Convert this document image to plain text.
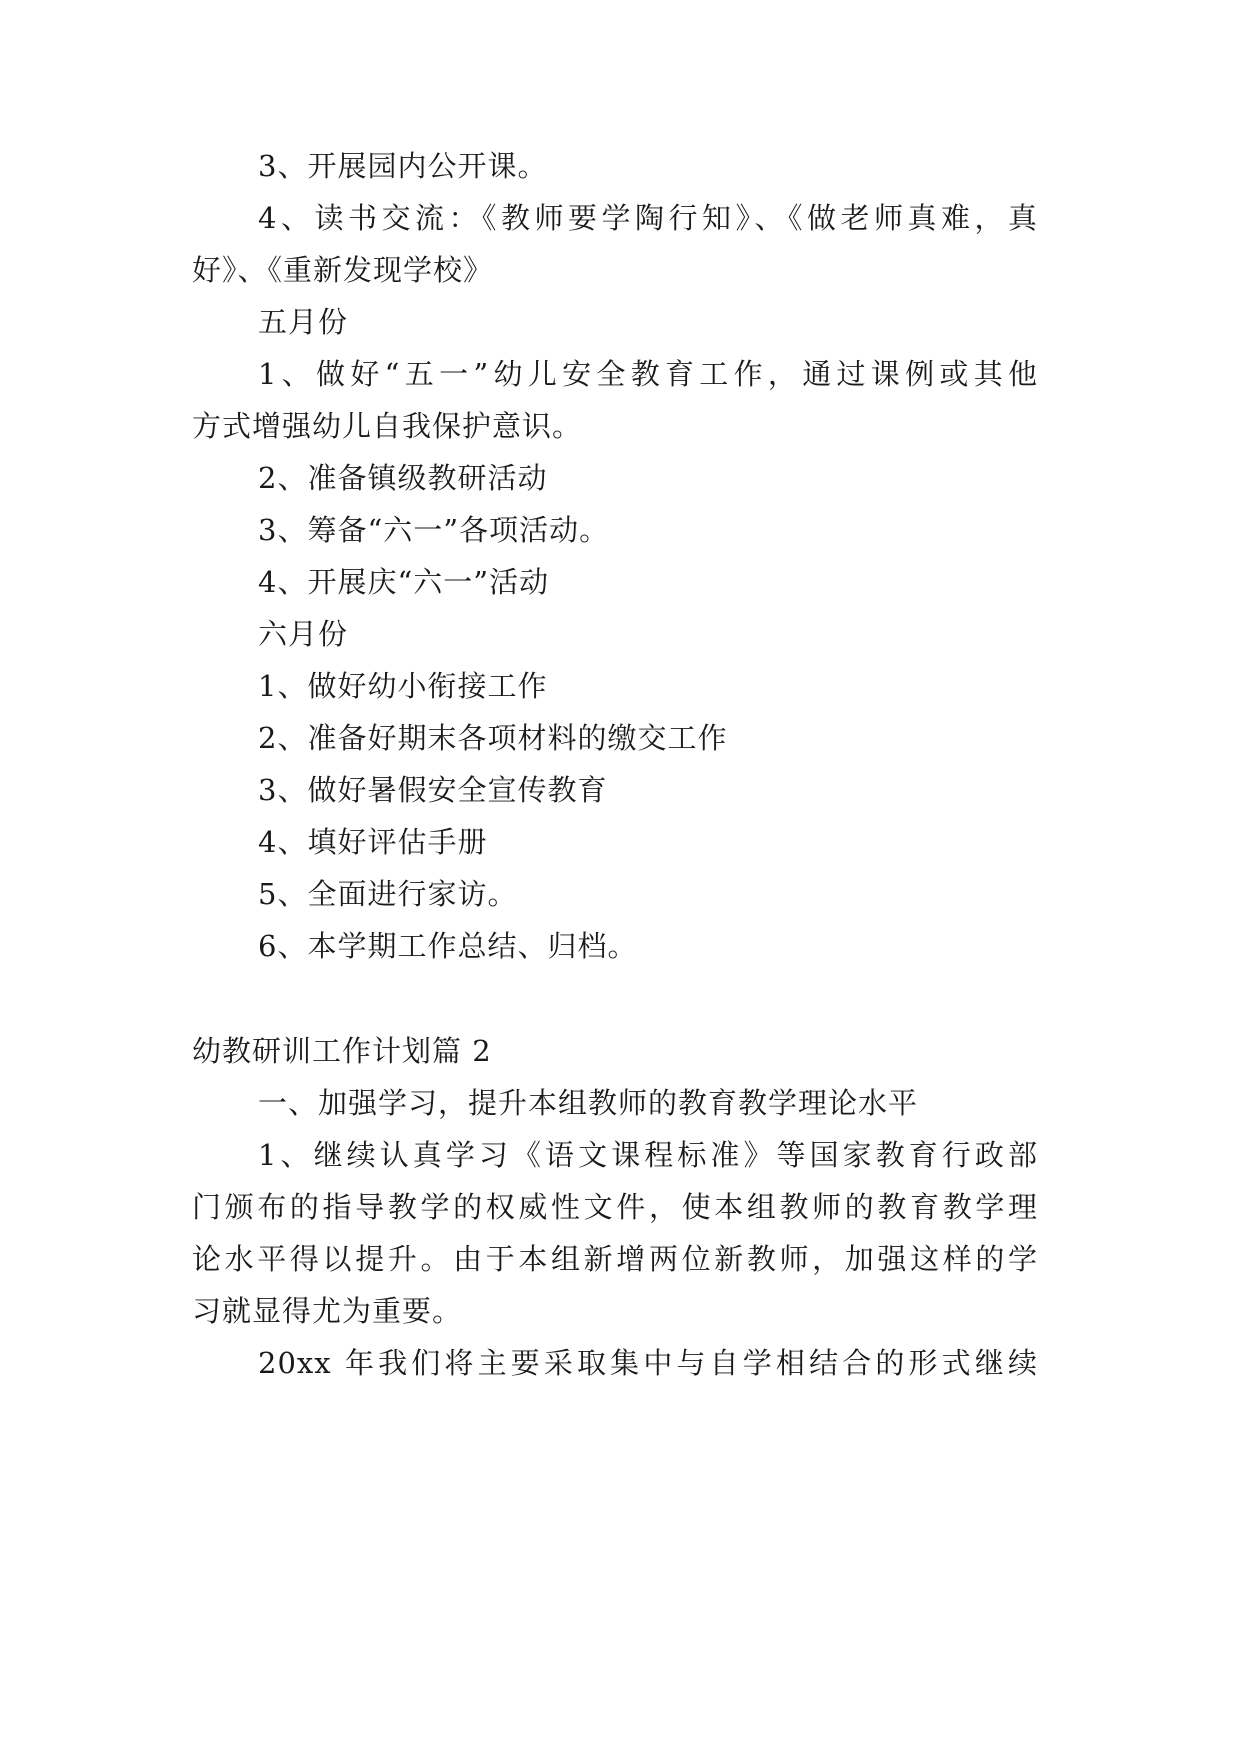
3、开展园内公开课。
4、读书交流：《教师要学陶行知》、《做老师真难，真
好》、《重新发现学校》
五月份
1、做好“五一”幼儿安全教育工作，通过课例或其他
方式增强幼儿自我保护意识。
2、准备镇级教研活动
3、筹备“六一”各项活动。
4、开展庆“六一”活动
六月份
1、做好幼小衔接工作
2、准备好期末各项材料的缴交工作
3、做好暑假安全宣传教育
4、填好评估手册
5、全面进行家访。
6、本学期工作总结、归档。
幼教研训工作计划篇 2
一、加强学习，提升本组教师的教育教学理论水平
1、继续认真学习《语文课程标准》等国家教育行政部
门颁布的指导教学的权威性文件，使本组教师的教育教学理
论水平得以提升。由于本组新增两位新教师，加强这样的学
习就显得尤为重要。
20xx 年我们将主要采取集中与自学相结合的形式继续
